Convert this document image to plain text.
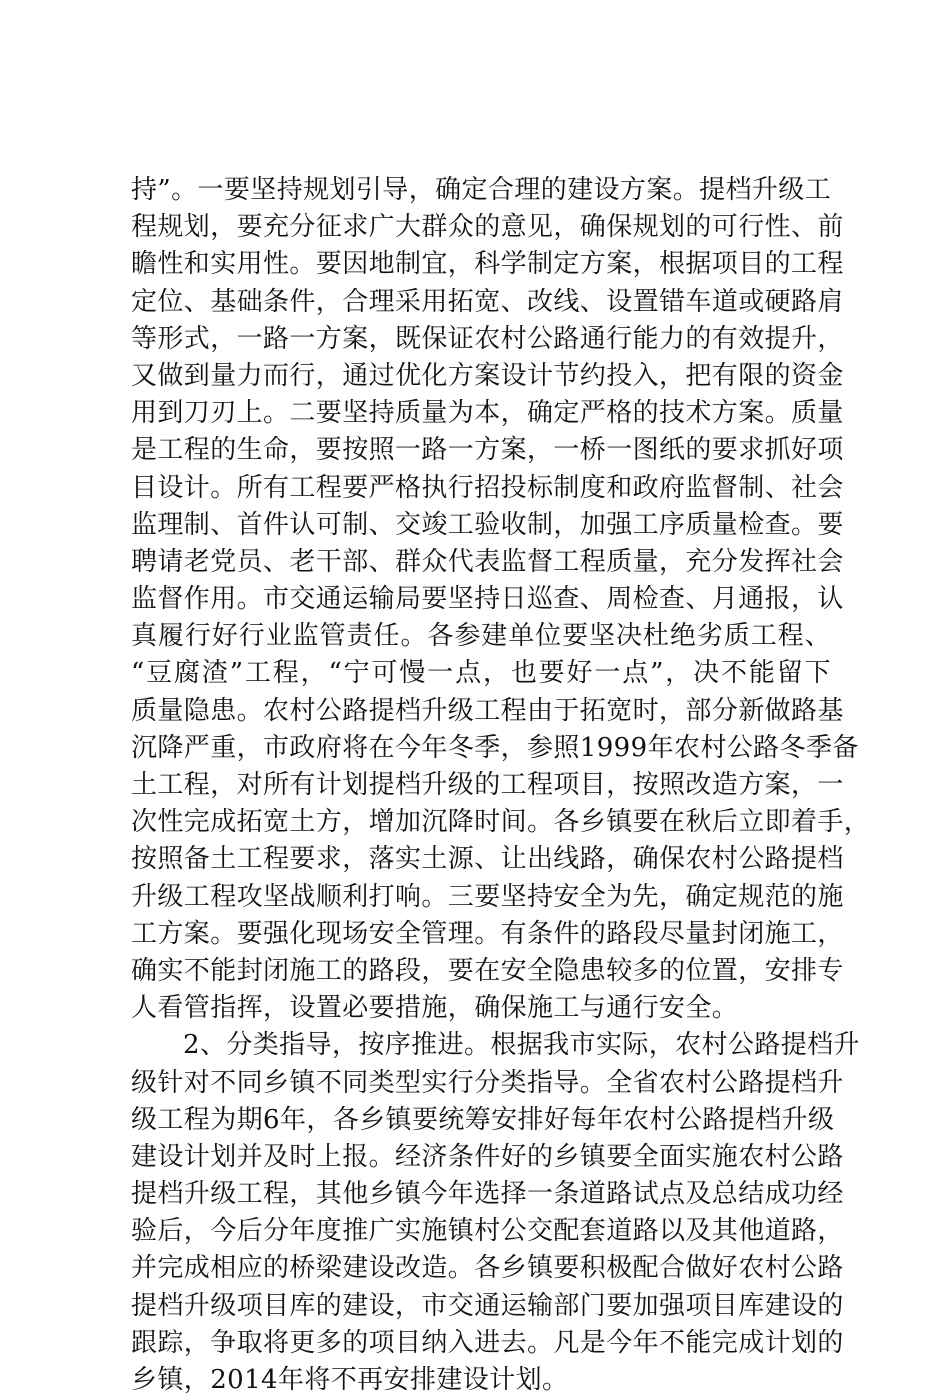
持”。一要坚持规划引导，确定合理的建设方案。提档升级工
程规划，要充分征求广大群众的意见，确保规划的可行性、前
瞻性和实用性。要因地制宜，科学制定方案，根据项目的工程
定位、基础条件，合理采用拓宽、改线、设置错车道或硬路肩
等形式，一路一方案，既保证农村公路通行能力的有效提升，
又做到量力而行，通过优化方案设计节约投入，把有限的资金
用到刀刃上。二要坚持质量为本，确定严格的技术方案。质量
是工程的生命，要按照一路一方案，一桥一图纸的要求抓好项
目设计。所有工程要严格执行招投标制度和政府监督制、社会
监理制、首件认可制、交竣工验收制，加强工序质量检查。要
聘请老党员、老干部、群众代表监督工程质量，充分发挥社会
监督作用。市交通运输局要坚持日巡查、周检查、月通报，认
真履行好行业监管责任。各参建单位要坚决杜绝劣质工程、
“豆腐渣”工程，“宁可慢一点，也要好一点”，决不能留下
质量隐患。农村公路提档升级工程由于拓宽时，部分新做路基
沉降严重，市政府将在今年冬季，参照1999年农村公路冬季备
土工程，对所有计划提档升级的工程项目，按照改造方案，一
次性完成拓宽土方，增加沉降时间。各乡镇要在秋后立即着手，
按照备土工程要求，落实土源、让出线路，确保农村公路提档
升级工程攻坚战顺利打响。三要坚持安全为先，确定规范的施
工方案。要强化现场安全管理。有条件的路段尽量封闭施工，
确实不能封闭施工的路段，要在安全隐患较多的位置，安排专
人看管指挥，设置必要措施，确保施工与通行安全。
2、分类指导，按序推进。根据我市实际，农村公路提档升
级针对不同乡镇不同类型实行分类指导。全省农村公路提档升
级工程为期6年，各乡镇要统筹安排好每年农村公路提档升级
建设计划并及时上报。经济条件好的乡镇要全面实施农村公路
提档升级工程，其他乡镇今年选择一条道路试点及总结成功经
验后，今后分年度推广实施镇村公交配套道路以及其他道路，
并完成相应的桥梁建设改造。各乡镇要积极配合做好农村公路
提档升级项目库的建设，市交通运输部门要加强项目库建设的
跟踪，争取将更多的项目纳入进去。凡是今年不能完成计划的
乡镇，2014年将不再安排建设计划。
